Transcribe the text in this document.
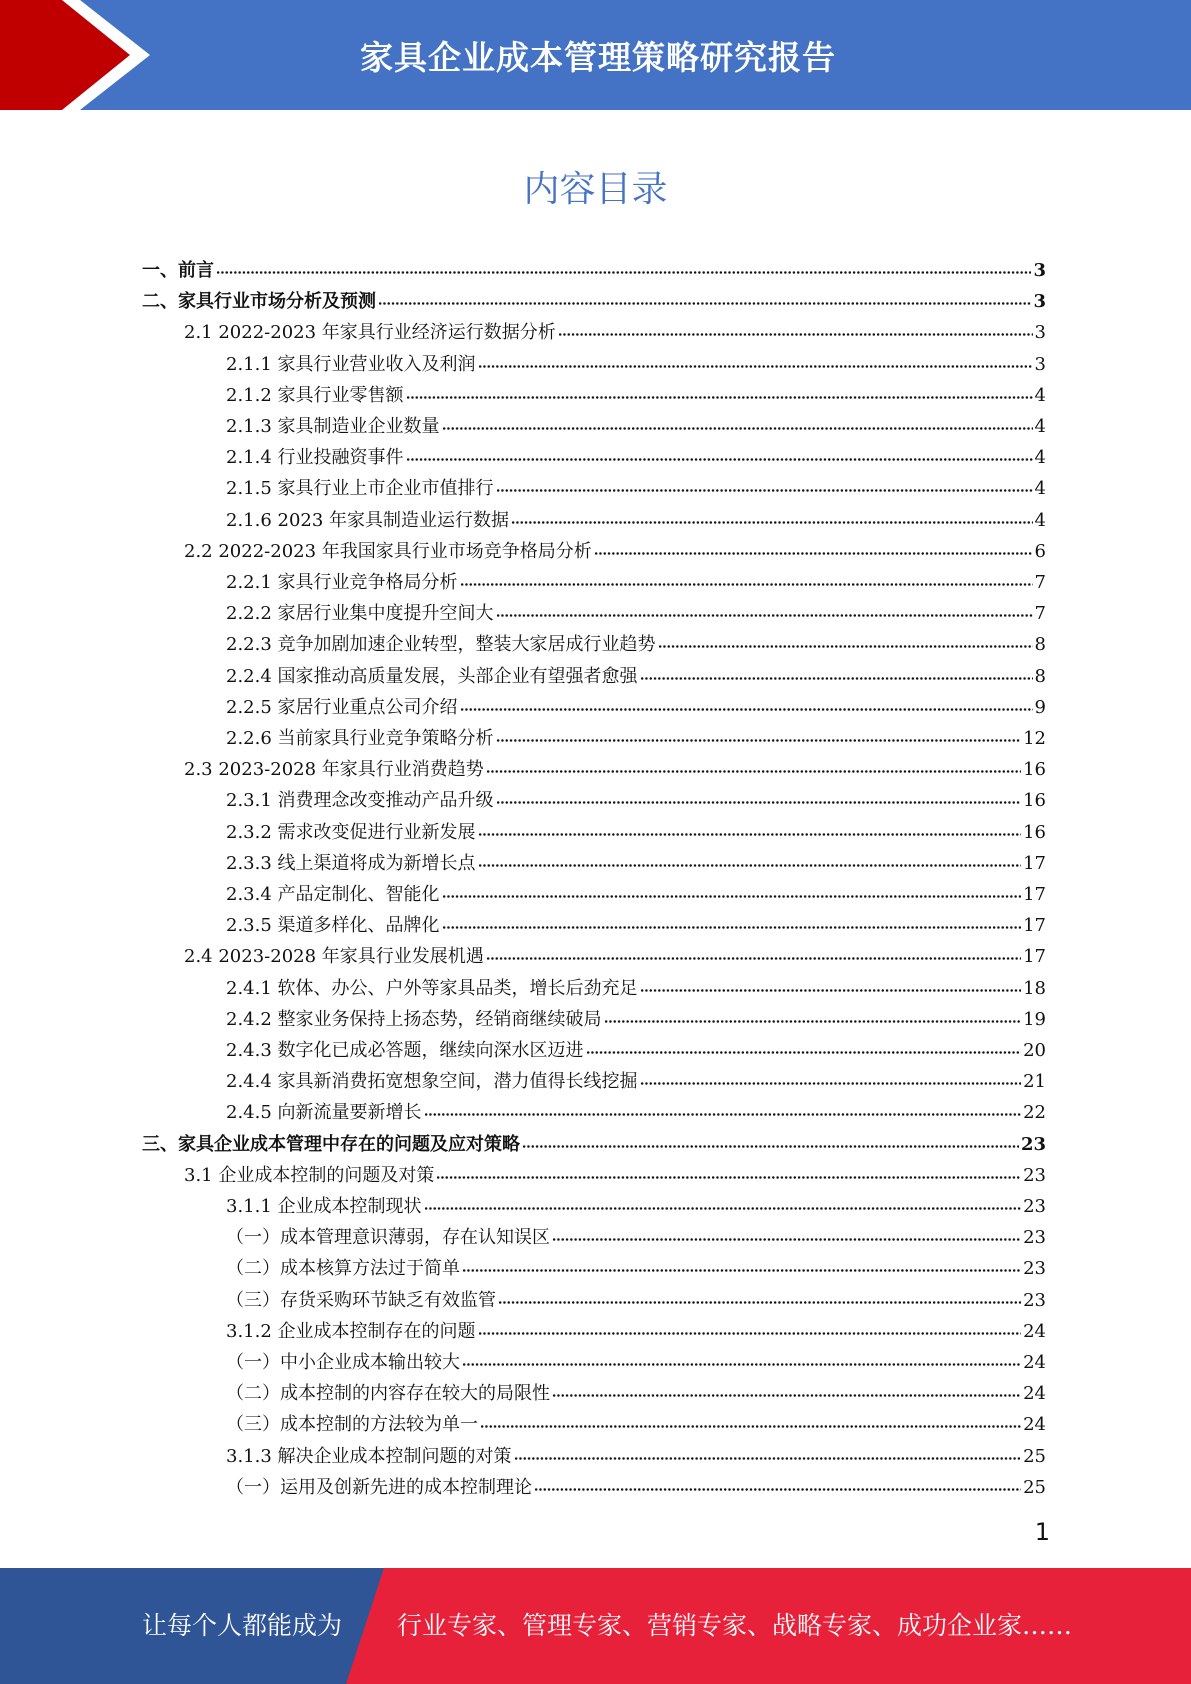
家具企业成本管理策略研究报告
内容目录
一、前言	3
二、家具行业市场分析及预测	3
2.1 2022-2023 年家具行业经济运行数据分析	3
2.1.1 家具行业营业收入及利润	3
2.1.2 家具行业零售额	4
2.1.3 家具制造业企业数量	4
2.1.4 行业投融资事件	4
2.1.5 家具行业上市企业市值排行	4
2.1.6 2023 年家具制造业运行数据	4
2.2 2022-2023 年我国家具行业市场竞争格局分析	6
2.2.1 家具行业竞争格局分析	7
2.2.2 家居行业集中度提升空间大	7
2.2.3 竞争加剧加速企业转型，整装大家居成行业趋势	8
2.2.4 国家推动高质量发展，头部企业有望强者愈强	8
2.2.5 家居行业重点公司介绍	9
2.2.6 当前家具行业竞争策略分析	12
2.3 2023-2028 年家具行业消费趋势	16
2.3.1 消费理念改变推动产品升级	16
2.3.2 需求改变促进行业新发展	16
2.3.3 线上渠道将成为新增长点	17
2.3.4 产品定制化、智能化	17
2.3.5 渠道多样化、品牌化	17
2.4 2023-2028 年家具行业发展机遇	17
2.4.1 软体、办公、户外等家具品类，增长后劲充足	18
2.4.2 整家业务保持上扬态势，经销商继续破局	19
2.4.3 数字化已成必答题，继续向深水区迈进	20
2.4.4 家具新消费拓宽想象空间，潜力值得长线挖掘	21
2.4.5 向新流量要新增长	22
三、家具企业成本管理中存在的问题及应对策略	23
3.1 企业成本控制的问题及对策	23
3.1.1 企业成本控制现状	23
（一）成本管理意识薄弱，存在认知误区	23
（二）成本核算方法过于简单	23
（三）存货采购环节缺乏有效监管	23
3.1.2 企业成本控制存在的问题	24
（一）中小企业成本输出较大	24
（二）成本控制的内容存在较大的局限性	24
（三）成本控制的方法较为单一	24
3.1.3 解决企业成本控制问题的对策	25
（一）运用及创新先进的成本控制理论	25
1
让每个人都能成为 行业专家、管理专家、营销专家、战略专家、成功企业家……
